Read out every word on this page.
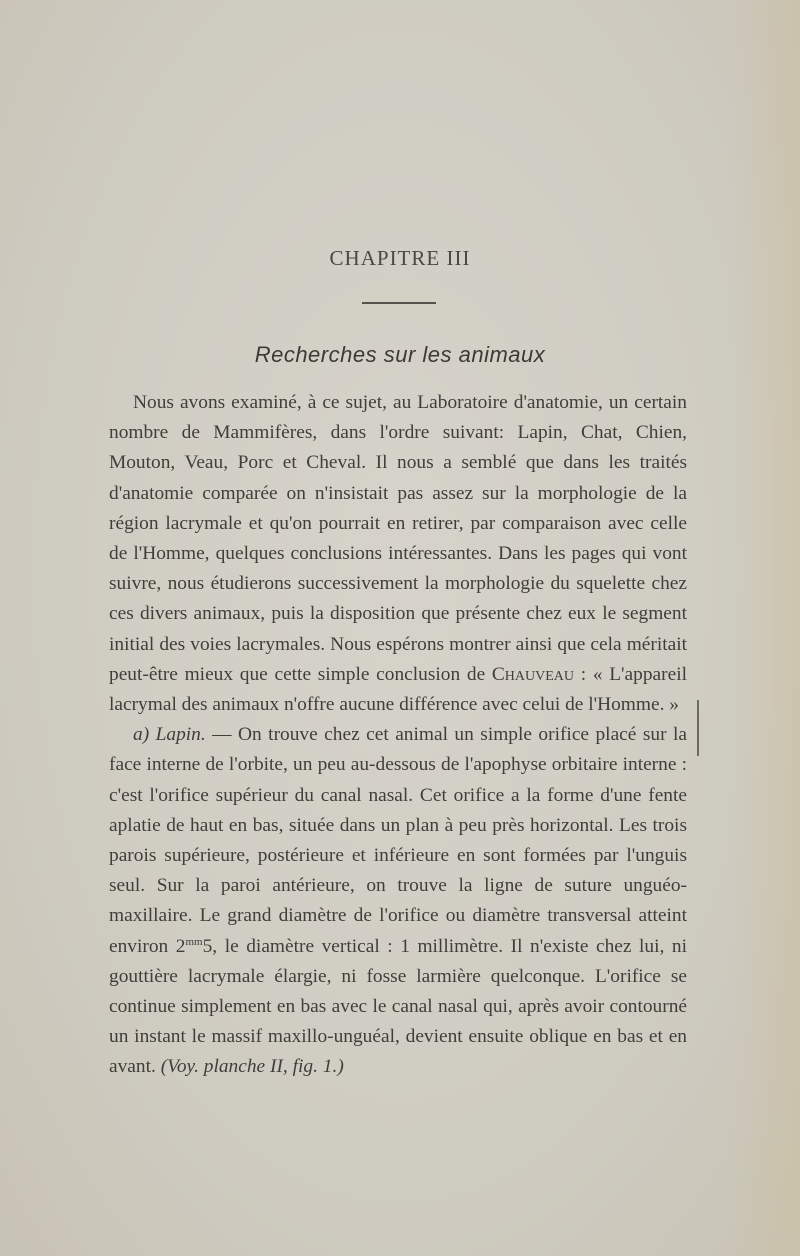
CHAPITRE III
Recherches sur les animaux

Nous avons examiné, à ce sujet, au Laboratoire d'anatomie, un certain nombre de Mammifères, dans l'ordre suivant: Lapin, Chat, Chien, Mouton, Veau, Porc et Cheval. Il nous a semblé que dans les traités d'anatomie comparée on n'insistait pas assez sur la morphologie de la région lacrymale et qu'on pourrait en retirer, par comparaison avec celle de l'Homme, quelques conclusions intéressantes. Dans les pages qui vont suivre, nous étudierons successivement la morphologie du squelette chez ces divers animaux, puis la disposition que présente chez eux le segment initial des voies lacrymales. Nous espérons montrer ainsi que cela méritait peut-être mieux que cette simple conclusion de Chauveau : « L'appareil lacrymal des animaux n'offre aucune différence avec celui de l'Homme. »

a) Lapin. — On trouve chez cet animal un simple orifice placé sur la face interne de l'orbite, un peu au-dessous de l'apophyse orbitaire interne : c'est l'orifice supérieur du canal nasal. Cet orifice a la forme d'une fente aplatie de haut en bas, située dans un plan à peu près horizontal. Les trois parois supérieure, postérieure et inférieure en sont formées par l'unguis seul. Sur la paroi antérieure, on trouve la ligne de suture unguéo-maxillaire. Le grand diamètre de l'orifice ou diamètre transversal atteint environ $2^{mm}5$, le diamètre vertical : 1 millimètre. Il n'existe chez lui, ni gouttière lacrymale élargie, ni fosse larmière quelconque. L'orifice se continue simplement en bas avec le canal nasal qui, après avoir contourné un instant le massif maxillo-unguéal, devient ensuite oblique en bas et en avant. (Voy. planche II, fig. 1.)
